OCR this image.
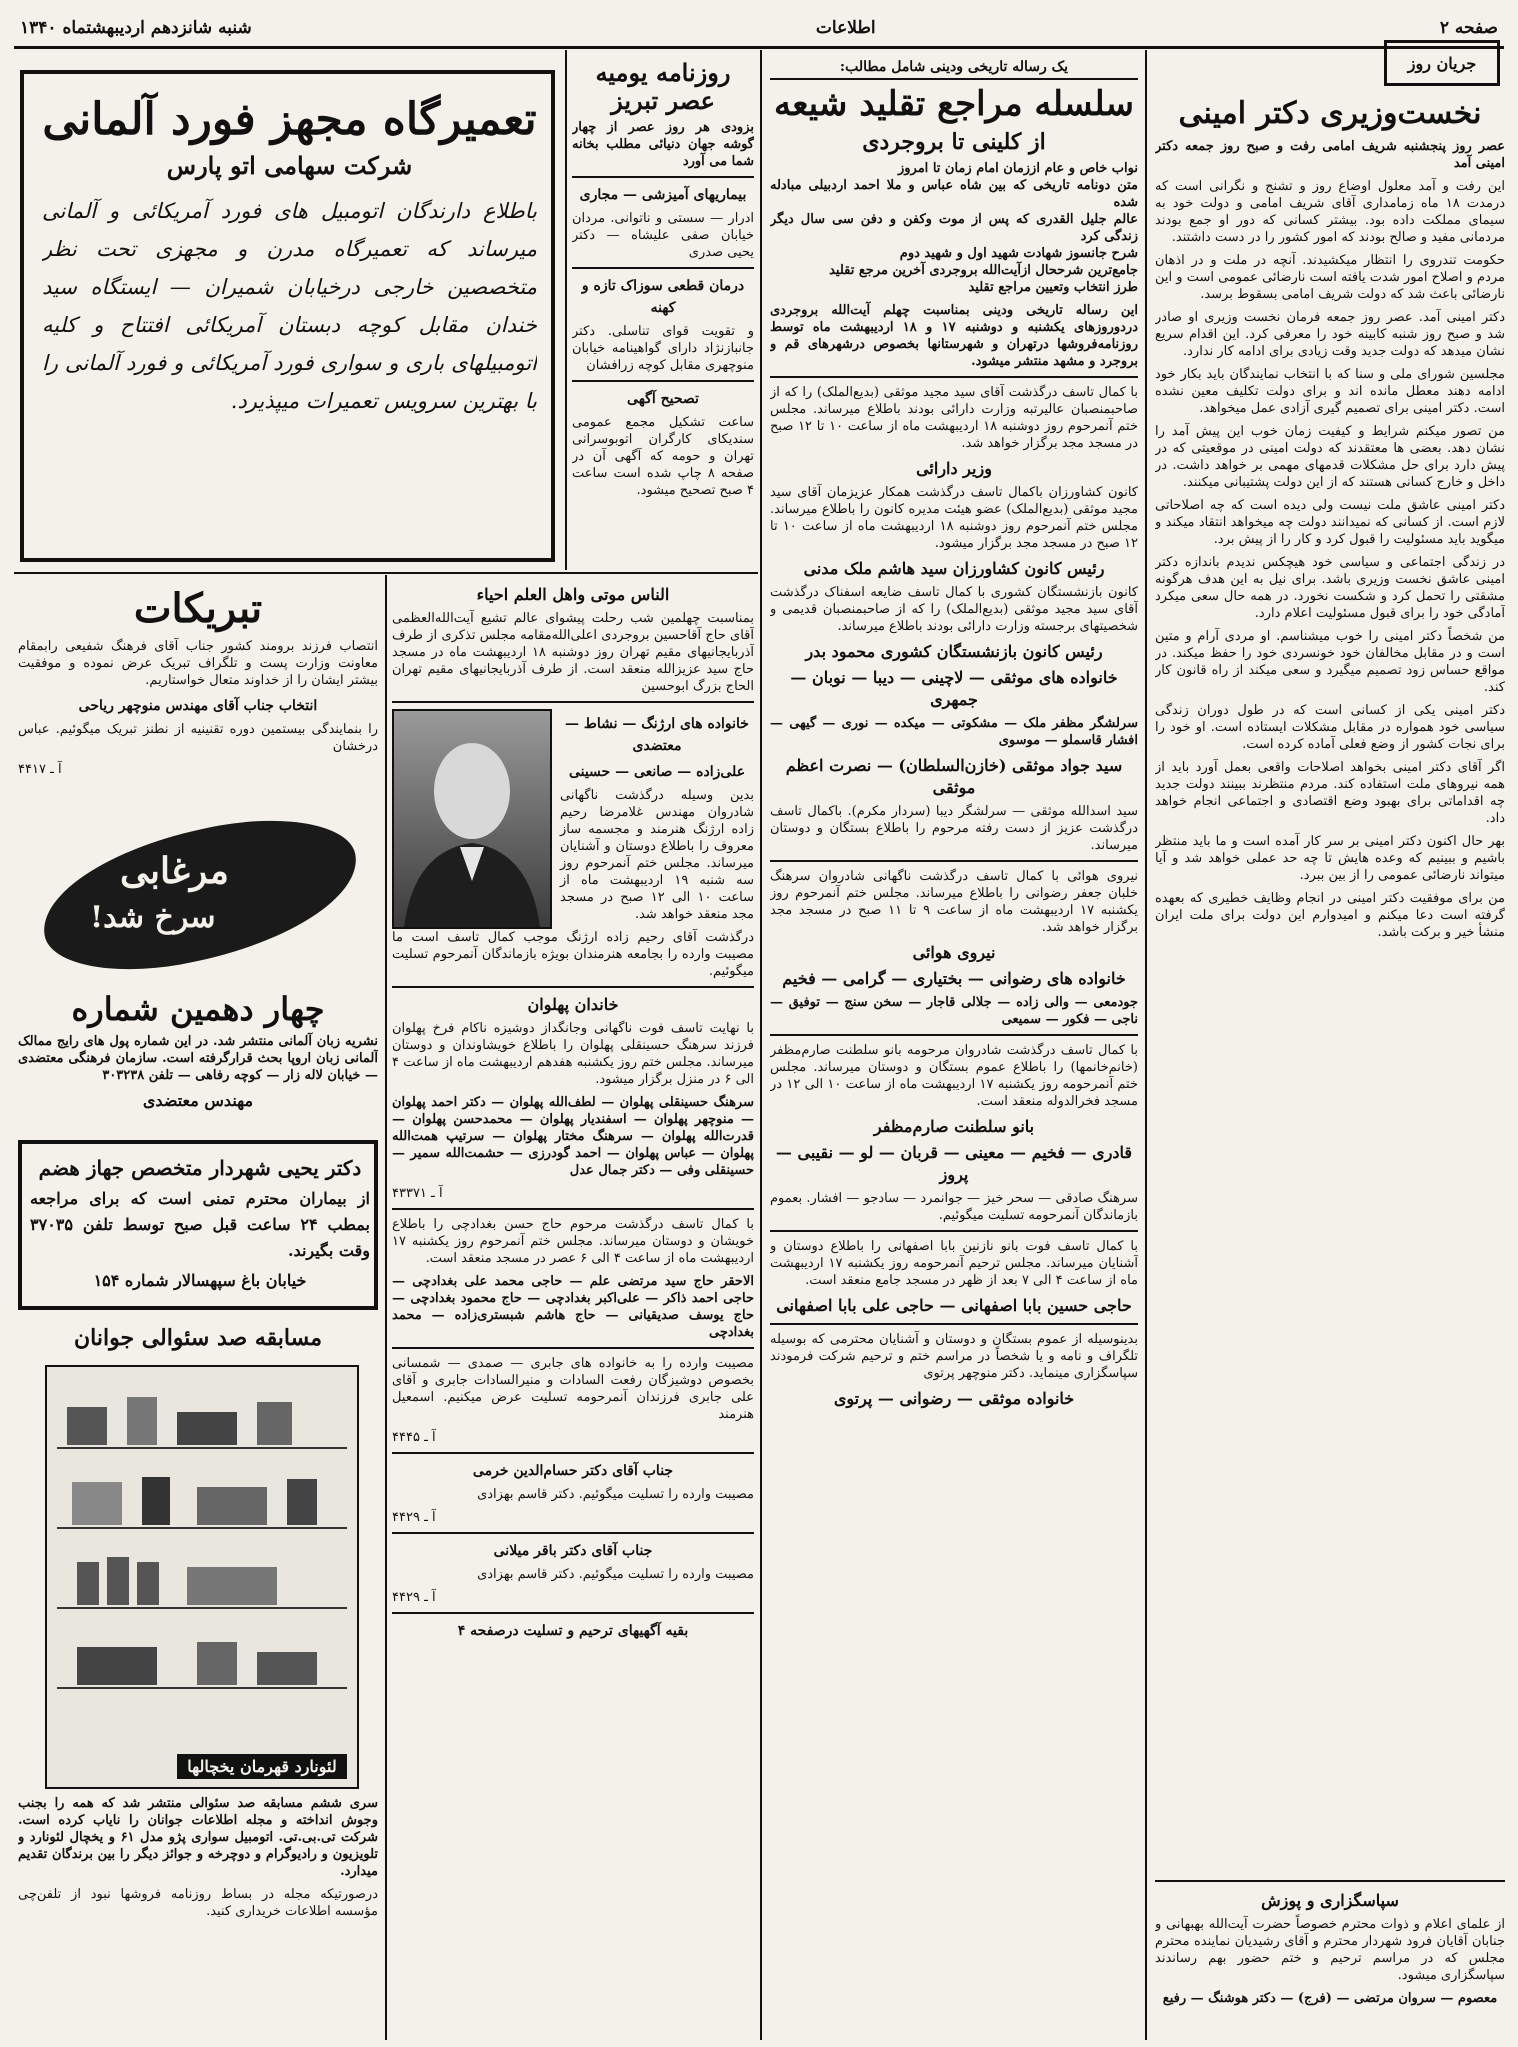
صفحه ۲
اطلاعات
شنبه شانزدهم اردیبهشتماه ۱۳۴۰
جریان روز
نخست‌وزیری دکتر امینی

عصر روز پنجشنبه شریف امامی رفت و صبح روز جمعه دکتر امینی آمد

این رفت و آمد معلول اوضاع روز و تشنج و نگرانی است که درمدت ۱۸ ماه زمامداری آقای شریف امامی و دولت خود به سیمای مملکت داده بود. بیشتر کسانی که دور او جمع بودند مردمانی مفید و صالح بودند که امور کشور را در دست داشتند.

حکومت تندروی را انتظار میکشیدند. آنچه در ملت و در اذهان مردم و اصلاح امور شدت یافته است نارضائی عمومی است و این نارضائی باعث شد که دولت شریف امامی بسقوط برسد.

دکتر امینی آمد. عصر روز جمعه فرمان نخست وزیری او صادر شد و صبح روز شنبه کابینه خود را معرفی کرد. این اقدام سریع نشان میدهد که دولت جدید وقت زیادی برای ادامه کار ندارد.

مجلسین شورای ملی و سنا که با انتخاب نمایندگان باید بکار خود ادامه دهند معطل مانده اند و برای دولت تکلیف معین نشده است. دکتر امینی برای تصمیم گیری آزادی عمل میخواهد.

من تصور میکنم شرایط و کیفیت زمان خوب این پیش آمد را نشان دهد. بعضی ها معتقدند که دولت امینی در موقعیتی که در پیش دارد برای حل مشکلات قدمهای مهمی بر خواهد داشت. در داخل و خارج کسانی هستند که از این دولت پشتیبانی میکنند.

دکتر امینی عاشق ملت نیست ولی دیده است که چه اصلاحاتی لازم است. از کسانی که نمیدانند دولت چه میخواهد انتقاد میکند و میگوید باید مسئولیت را قبول کرد و کار را از پیش برد.

در زندگی اجتماعی و سیاسی خود هیچکس ندیدم باندازه دکتر امینی عاشق نخست وزیری باشد. برای نیل به این هدف هرگونه مشقتی را تحمل کرد و شکست نخورد. در همه حال سعی میکرد آمادگی خود را برای قبول مسئولیت اعلام دارد.

من شخصاً دکتر امینی را خوب میشناسم. او مردی آرام و متین است و در مقابل مخالفان خود خونسردی خود را حفظ میکند. در مواقع حساس زود تصمیم میگیرد و سعی میکند از راه قانون کار کند.

دکتر امینی یکی از کسانی است که در طول دوران زندگی سیاسی خود همواره در مقابل مشکلات ایستاده است. او خود را برای نجات کشور از وضع فعلی آماده کرده است.

اگر آقای دکتر امینی بخواهد اصلاحات واقعی بعمل آورد باید از همه نیروهای ملت استفاده کند. مردم منتظرند ببینند دولت جدید چه اقداماتی برای بهبود وضع اقتصادی و اجتماعی انجام خواهد داد.

بهر حال اکنون دکتر امینی بر سر کار آمده است و ما باید منتظر باشیم و ببینیم که وعده هایش تا چه حد عملی خواهد شد و آیا میتواند نارضائی عمومی را از بین ببرد.

من برای موفقیت دکتر امینی در انجام وظایف خطیری که بعهده گرفته است دعا میکنم و امیدوارم این دولت برای ملت ایران منشأ خیر و برکت باشد.

سپاسگزاری و پوزش

از علمای اعلام و ذوات محترم خصوصاً حضرت آیت‌الله بهبهانی و جنابان آقایان فرود شهردار محترم و آقای رشیدیان نماینده محترم مجلس که در مراسم ترحیم و ختم حضور بهم رساندند سپاسگزاری میشود.

معصوم — سروان مرتضی — (فرج) — دکتر هوشنگ — رفیع

یک رساله تاریخی ودینی شامل مطالب:
سلسله مراجع تقلید شیعه
از کلینی تا بروجردی

نواب خاص و عام اززمان امام زمان تا امروز

متن دونامه تاریخی که بین شاه عباس و ملا احمد اردبیلی مبادله شده

عالم جلیل القدری که پس از موت وکفن و دفن سی سال دیگر زندگی کرد

شرح جانسوز شهادت شهید اول و شهید دوم

جامع‌ترین شرححال ازآیت‌الله بروجردی آخرین مرجع تقلید

طرز انتخاب وتعیین مراجع تقلید

این رساله تاریخی ودینی بمناسبت چهلم آیت‌الله بروجردی دردوروزهای یکشنبه و دوشنبه ۱۷ و ۱۸ اردیبهشت ماه توسط روزنامه‌فروشها درتهران و شهرستانها بخصوص درشهرهای قم و بروجرد و مشهد منتشر میشود.

با کمال تاسف درگذشت آقای سید مجید موثقی (بدیع‌الملک) را که از صاحبمنصبان عالیرتبه وزارت دارائی بودند باطلاع میرساند. مجلس ختم آنمرحوم روز دوشنبه ۱۸ اردیبهشت ماه از ساعت ۱۰ تا ۱۲ صبح در مسجد مجد برگزار خواهد شد.

وزیر دارائی

کانون کشاورزان باکمال تاسف درگذشت همکار عزیزمان آقای سید مجید موثقی (بدیع‌الملک) عضو هیئت مدیره کانون را باطلاع میرساند. مجلس ختم آنمرحوم روز دوشنبه ۱۸ اردیبهشت ماه از ساعت ۱۰ تا ۱۲ صبح در مسجد مجد برگزار میشود.

رئیس کانون کشاورزان سید هاشم ملک مدنی

کانون بازنشستگان کشوری با کمال تاسف ضایعه اسفناک درگذشت آقای سید مجید موثقی (بدیع‌الملک) را که از صاحبمنصبان قدیمی و شخصیتهای برجسته وزارت دارائی بودند باطلاع میرساند.

رئیس کانون بازنشستگان کشوری محمود بدر
خانواده های موثقی — لاچینی — دیبا — نوبان — جمهری

سرلشگر مظفر ملک — مشکوتی — میکده — نوری — گیهی — افشار قاسملو — موسوی

سید جواد موثقی (خازن‌السلطان) — نصرت اعظم موثقی

سید اسدالله موثقی — سرلشگر دیبا (سردار مکرم). باکمال تاسف درگذشت عزیز از دست رفته مرحوم را باطلاع بستگان و دوستان میرساند.

نیروی هوائی با کمال تاسف درگذشت ناگهانی شادروان سرهنگ خلبان جعفر رضوانی را باطلاع میرساند. مجلس ختم آنمرحوم روز یکشنبه ۱۷ اردیبهشت ماه از ساعت ۹ تا ۱۱ صبح در مسجد مجد برگزار خواهد شد.

نیروی هوائی
خانواده های رضوانی — بختیاری — گرامی — فخیم

جودمعی — والی زاده — جلالی قاجار — سخن سنج — توفیق — ناجی — فکور — سمیعی

با کمال تاسف درگذشت شادروان مرحومه بانو سلطنت صارم‌مظفر (خانم‌خانمها) را باطلاع عموم بستگان و دوستان میرساند. مجلس ختم آنمرحومه روز یکشنبه ۱۷ اردیبهشت ماه از ساعت ۱۰ الی ۱۲ در مسجد فخرالدوله منعقد است.

بانو سلطنت صارم‌مظفر
قادری — فخیم — معینی — قربان — لو — نقیبی — پروز

سرهنگ صادقی — سحر خیز — جوانمرد — سادجو — افشار. بعموم بازماندگان آنمرحومه تسلیت میگوئیم.

با کمال تاسف فوت بانو نازنین بابا اصفهانی را باطلاع دوستان و آشنایان میرساند. مجلس ترحیم آنمرحومه روز یکشنبه ۱۷ اردیبهشت ماه از ساعت ۴ الی ۷ بعد از ظهر در مسجد جامع منعقد است.

حاجی حسین بابا اصفهانی — حاجی علی بابا اصفهانی

بدینوسیله از عموم بستگان و دوستان و آشنایان محترمی که بوسیله تلگراف و نامه و یا شخصاً در مراسم ختم و ترحیم شرکت فرمودند سپاسگزاری مینماید. دکتر منوچهر پرتوی

خانواده موثقی — رضوانی — پرتوی
روزنامه یومیه عصر تبریز

بزودی هر روز عصر از چهار گوشه جهان دنیائی مطلب بخانه شما می آورد

بیماریهای آمیزشی — مجاری

ادرار — سستی و ناتوانی. مردان خیابان صفی علیشاه — دکتر یحیی صدری

درمان قطعی سوزاک تازه و کهنه

و تقویت قوای تناسلی. دکتر جانبازنژاد دارای گواهینامه خیابان منوچهری مقابل کوچه زرافشان

تصحیح آگهی

ساعت تشکیل مجمع عمومی سندیکای کارگران اتوبوسرانی تهران و حومه که آگهی آن در صفحه ۸ چاپ شده است ساعت ۴ صبح تصحیح میشود.

تعمیرگاه مجهز فورد آلمانی
شرکت سهامی اتو پارس

باطلاع دارندگان اتومبیل های فورد آمریکائی و آلمانی میرساند که تعمیرگاه مدرن و مجهزی تحت نظر متخصصین خارجی درخیابان شمیران — ایستگاه سید خندان مقابل کوچه دبستان آمریکائی افتتاح و کلیه اتومبیلهای باری و سواری فورد آمریکائی و فورد آلمانی را با بهترین سرویس تعمیرات میپذیرد.

الناس موتی واهل العلم احیاء

بمناسبت چهلمین شب رحلت پیشوای عالم تشیع آیت‌الله‌العظمی آقای حاج آقاحسین بروجردی اعلی‌الله‌مقامه مجلس تذکری از طرف آذربایجانیهای مقیم تهران روز دوشنبه ۱۸ اردیبهشت ماه در مسجد حاج سید عزیزالله منعقد است. از طرف آذربایجانیهای مقیم تهران الحاج بزرگ ابوحسین

خانواده های ارژنگ — نشاط — معتضدی
علی‌زاده — صانعی — حسینی

بدین وسیله درگذشت ناگهانی شادروان مهندس غلامرضا رحیم زاده ارژنگ هنرمند و مجسمه ساز معروف را باطلاع دوستان و آشنایان میرساند. مجلس ختم آنمرحوم روز سه شنبه ۱۹ اردیبهشت ماه از ساعت ۱۰ الی ۱۲ صبح در مسجد مجد منعقد خواهد شد.

درگذشت آقای رحیم زاده ارژنگ موجب کمال تاسف است ما مصیبت وارده را بجامعه هنرمندان بویژه بازماندگان آنمرحوم تسلیت میگوئیم.

خاندان پهلوان

با نهایت تاسف فوت ناگهانی وجانگداز دوشیزه ناکام فرخ پهلوان فرزند سرهنگ حسینقلی پهلوان را باطلاع خویشاوندان و دوستان میرساند. مجلس ختم روز یکشنبه هفدهم اردیبهشت ماه از ساعت ۴ الی ۶ در منزل برگزار میشود.

سرهنگ حسینقلی پهلوان — لطف‌الله پهلوان — دکتر احمد پهلوان — منوچهر پهلوان — اسفندیار پهلوان — محمدحسن پهلوان — قدرت‌الله پهلوان — سرهنگ مختار پهلوان — سرتیپ همت‌الله پهلوان — عباس پهلوان — احمد گودرزی — حشمت‌الله سمیر — حسینقلی وفی — دکتر جمال عدل

آ ـ ۴۳۳۷۱

با کمال تاسف درگذشت مرحوم حاج حسن بغدادچی را باطلاع خویشان و دوستان میرساند. مجلس ختم آنمرحوم روز یکشنبه ۱۷ اردیبهشت ماه از ساعت ۴ الی ۶ عصر در مسجد منعقد است.

الاحقر حاج سید مرتضی علم — حاجی محمد علی بغدادچی — حاجی احمد ذاکر — علی‌اکبر بغدادچی — حاج محمود بغدادچی — حاج یوسف صدیقیانی — حاج هاشم شبستری‌زاده — محمد بغدادچی

مصیبت وارده را به خانواده های جابری — صمدی — شمسانی بخصوص دوشیزگان رفعت السادات و منیرالسادات جابری و آقای علی جابری فرزندان آنمرحومه تسلیت عرض میکنیم. اسمعیل هنرمند

آ ـ ۴۴۴۵

جناب آقای دکتر حسام‌الدین خرمی

مصیبت وارده را تسلیت میگوئیم. دکتر قاسم بهزادی

آ ـ ۴۴۲۹

جناب آقای دکتر باقر میلانی

مصیبت وارده را تسلیت میگوئیم. دکتر قاسم بهزادی

آ ـ ۴۴۲۹

بقیه آگهیهای ترحیم و تسلیت درصفحه ۴
تبریکات

انتصاب فرزند برومند کشور جناب آقای فرهنگ شفیعی رابمقام معاونت وزارت پست و تلگراف تبریک عرض نموده و موفقیت بیشتر ایشان را از خداوند متعال خواستاریم.

انتخاب جناب آقای مهندس منوچهر ریاحی

را بنمایندگی بیستمین دوره تقنینیه از نطنز تبریک میگوئیم. عباس درخشان

آ ـ ۴۴۱۷

مرغابی
سرخ شد!
چهار دهمین شماره

نشریه زبان آلمانی منتشر شد. در این شماره پول های رایج ممالک آلمانی زبان اروپا بحث قرارگرفته است. سازمان فرهنگی معتضدی — خیابان لاله زار — کوچه رفاهی — تلفن ۳۰۳۲۳۸

مهندس معتضدی
دکتر یحیی شهردار متخصص جهاز هضم

از بیماران محترم تمنی است که برای مراجعه بمطب ۲۴ ساعت قبل صبح توسط تلفن ۳۷۰۳۵ وقت بگیرند.

خیابان باغ سپهسالار شماره ۱۵۴
مسابقه صد سئوالی جوانان
لئونارد قهرمان یخچالها

سری ششم مسابقه صد سئوالی منتشر شد که همه را بجنب وجوش انداخته و مجله اطلاعات جوانان را نایاب کرده است. شرکت تی.بی.تی. اتومبیل سواری پژو مدل ۶۱ و یخچال لئونارد و تلویزیون و رادیوگرام و دوچرخه و جوائز دیگر را بین برندگان تقدیم میدارد.

درصورتیکه مجله در بساط روزنامه فروشها نبود از تلفن‌چی مؤسسه اطلاعات خریداری کنید.
